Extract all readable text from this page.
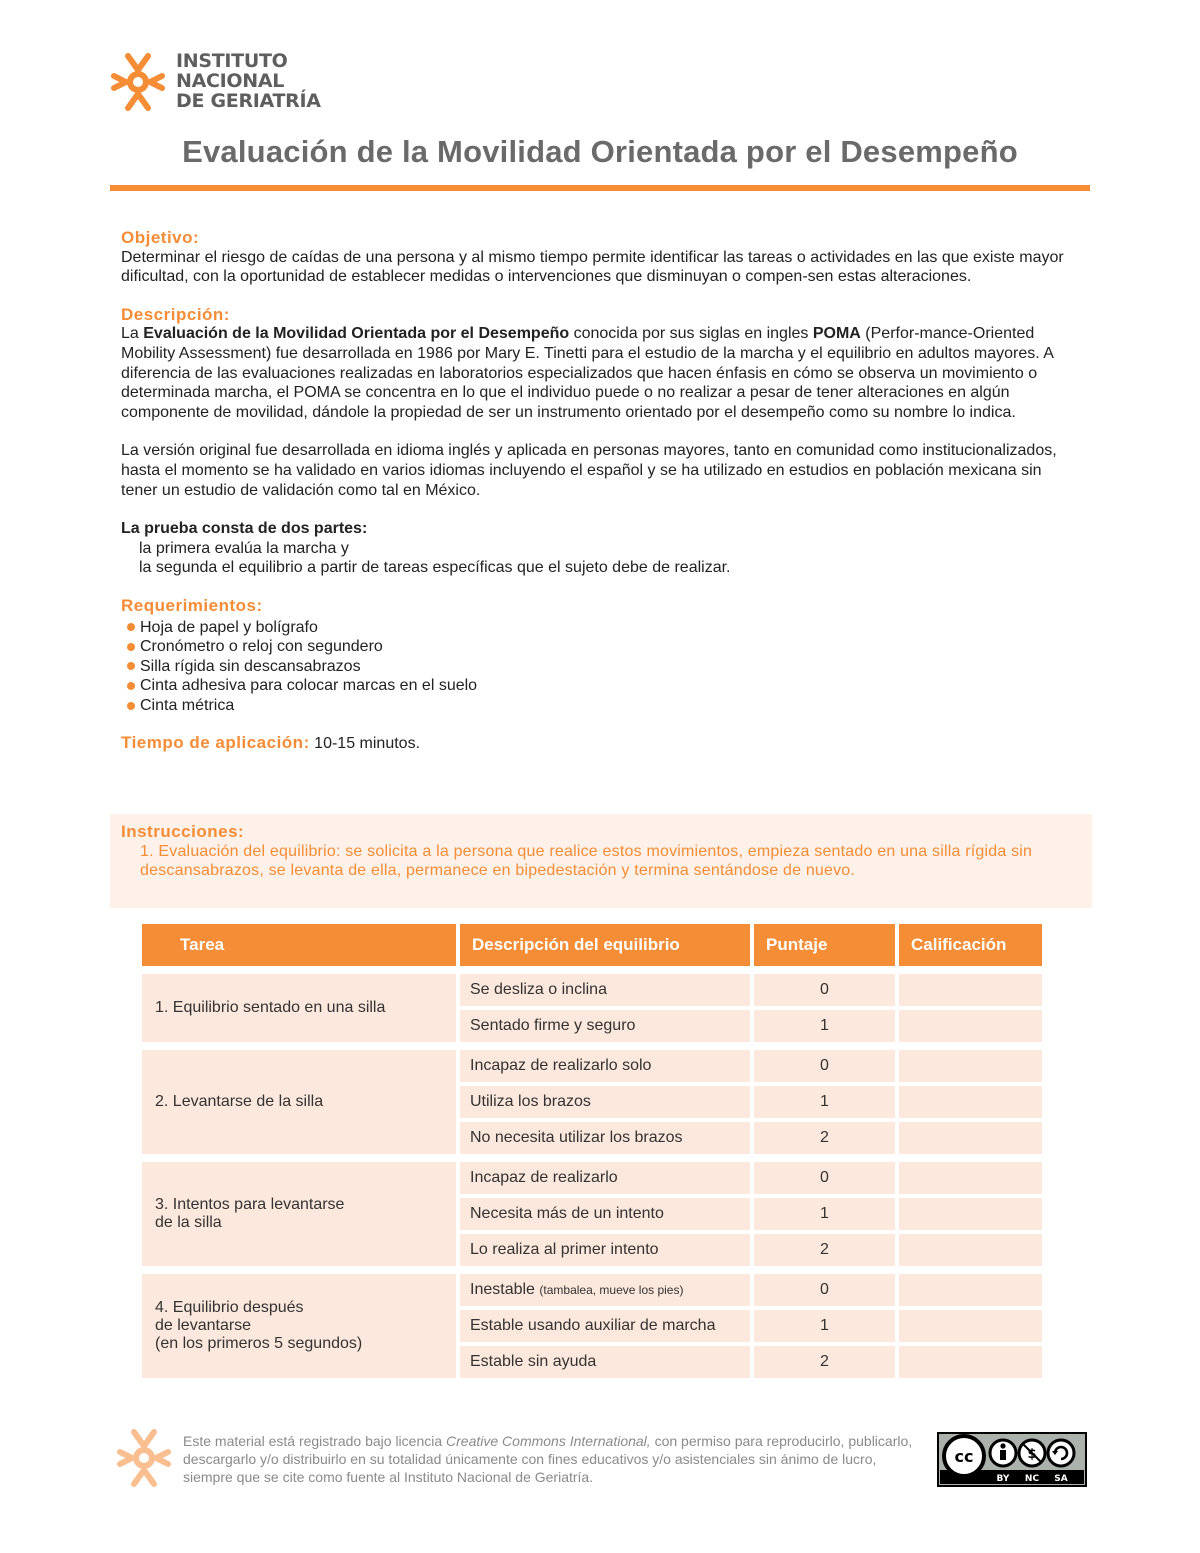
INSTITUTO
NACIONAL
DE GERIATRÍA
Evaluación de la Movilidad Orientada por el Desempeño
Objetivo:

Determinar el riesgo de caídas de una persona y al mismo tiempo permite identificar las tareas o actividades en las que existe mayor dificultad, con la oportunidad de establecer medidas o intervenciones que disminuyan o compen-sen estas alteraciones.

Descripción:

La Evaluación de la Movilidad Orientada por el Desempeño conocida por sus siglas en ingles POMA (Perfor-mance-Oriented Mobility Assessment) fue desarrollada en 1986 por Mary E. Tinetti para el estudio de la marcha y el equilibrio en adultos mayores. A diferencia de las evaluaciones realizadas en laboratorios especializados que hacen énfasis en cómo se observa un movimiento o determinada marcha, el POMA se concentra en lo que el individuo puede o no realizar a pesar de tener alteraciones en algún componente de movilidad, dándole la propiedad de ser un instrumento orientado por el desempeño como su nombre lo indica.

La versión original fue desarrollada en idioma inglés y aplicada en personas mayores, tanto en comunidad como institucionalizados, hasta el momento se ha validado en varios idiomas incluyendo el español y se ha utilizado en estudios en población mexicana sin tener un estudio de validación como tal en México.

La prueba consta de dos partes:
la primera evalúa la marcha y
la segunda el equilibrio a partir de tareas específicas que el sujeto debe de realizar.
Requerimientos:
Hoja de papel y bolígrafo
Cronómetro o reloj con segundero
Silla rígida sin descansabrazos
Cinta adhesiva para colocar marcas en el suelo
Cinta métrica
Tiempo de aplicación: 10-15 minutos.
Instrucciones:
1. Evaluación del equilibrio: se solicita a la persona que realice estos movimientos, empieza sentado en una silla rígida sin descansabrazos, se levanta de ella, permanece en bipedestación y termina sentándose de nuevo.
Tarea	Descripción del equilibrio	Puntaje	Calificación

1. Equilibrio sentado en una silla	Se desliza o inclina	0	
	Sentado firme y seguro	1	

2. Levantarse de la silla	Incapaz de realizarlo solo	0	
	Utiliza los brazos	1	
	No necesita utilizar los brazos	2	

3. Intentos para levantarse
de la silla	Incapaz de realizarlo	0	
	Necesita más de un intento	1	
	Lo realiza al primer intento	2	

4. Equilibrio después
de levantarse
(en los primeros 5 segundos)	Inestable (tambalea, mueve los pies)	0	
	Estable usando auxiliar de marcha	1	
	Estable sin ayuda	2	
Este material está registrado bajo licencia Creative Commons International, con permiso para reproducirlo, publicarlo, descargarlo y/o distribuirlo en su totalidad únicamente con fines educativos y/o asistenciales sin ánimo de lucro, siempre que se cite como fuente al Instituto Nacional de Geriatría.
cc	$
BY NC SA
